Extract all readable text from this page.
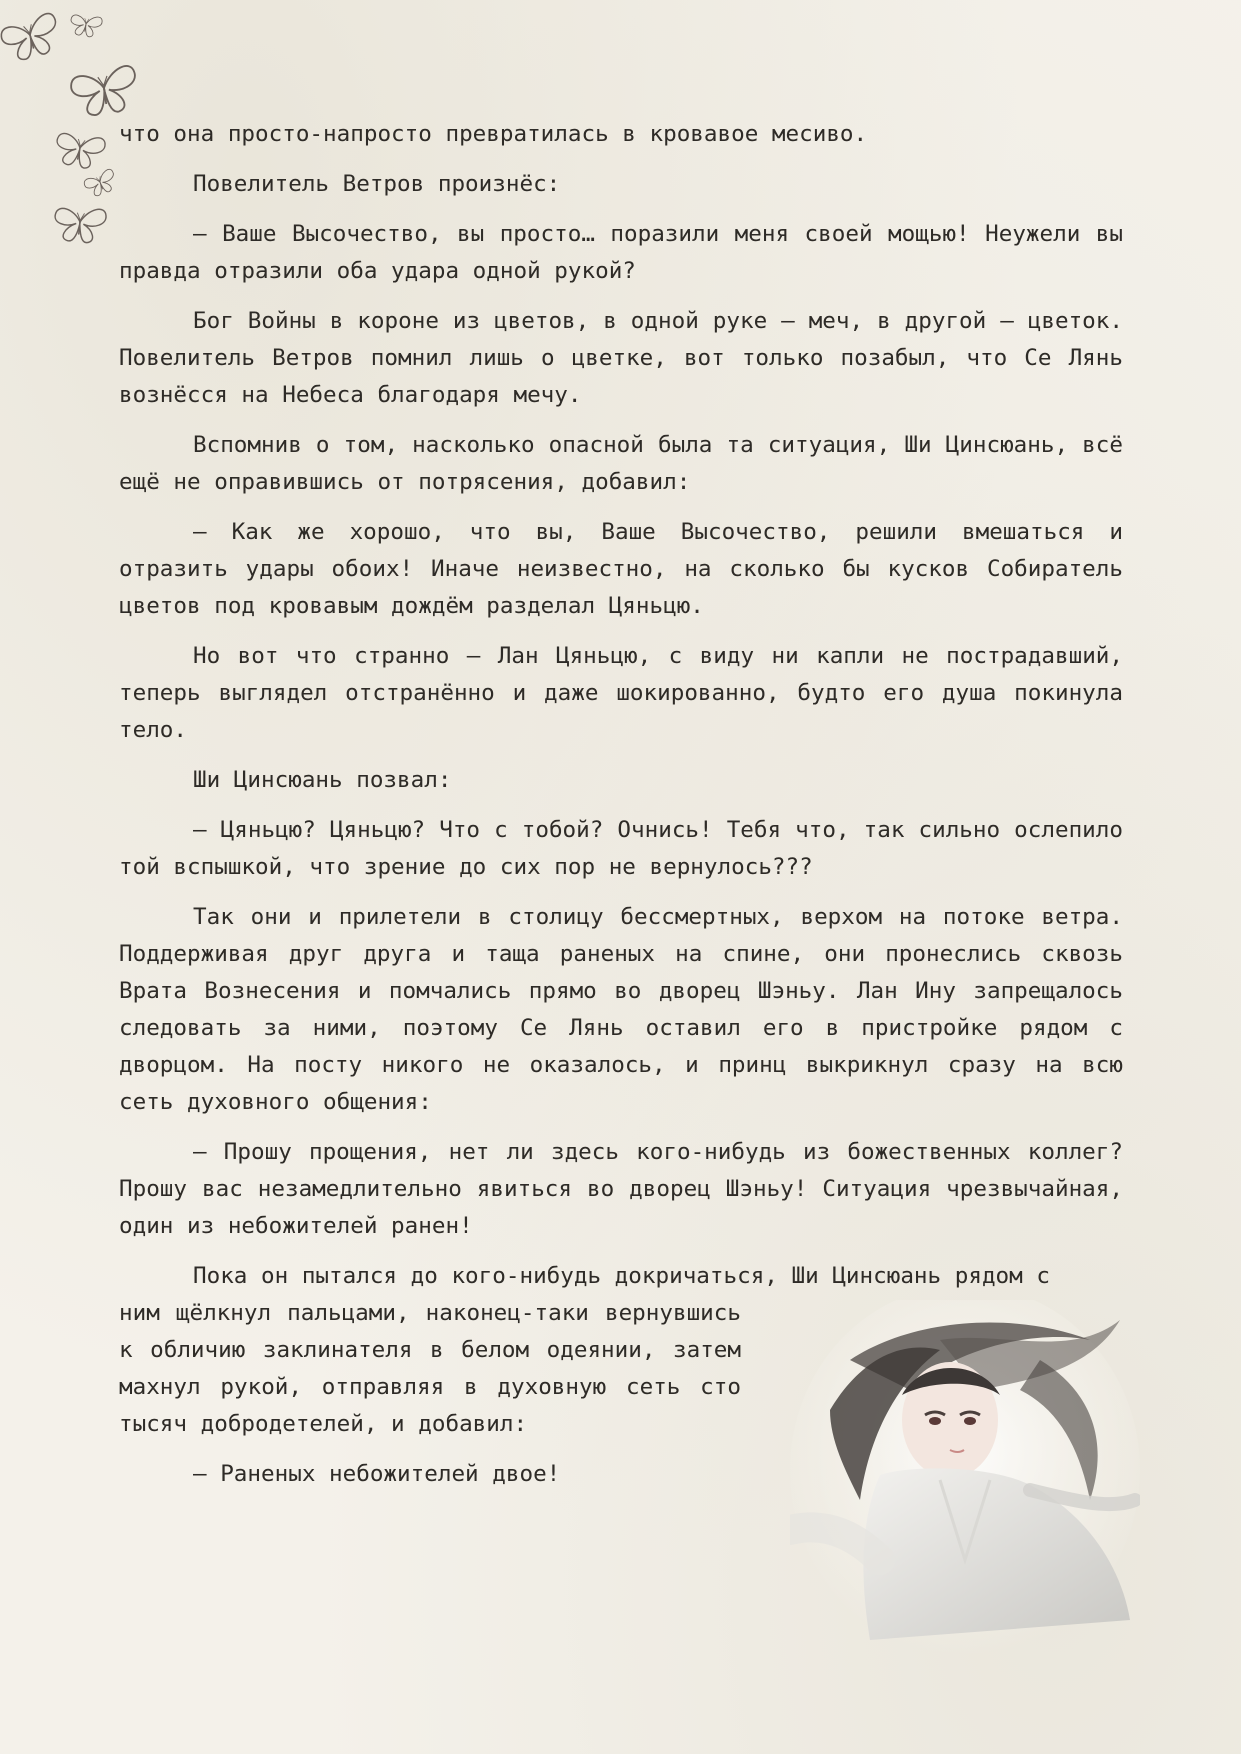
что она просто-напросто превратилась в кровавое месиво.

Повелитель Ветров произнёс:

— Ваше Высочество, вы просто… поразили меня своей мощью! Неужели вы правда отразили оба удара одной рукой?

Бог Войны в короне из цветов, в одной руке — меч, в другой — цветок. Повелитель Ветров помнил лишь о цветке, вот только позабыл, что Се Лянь вознёсся на Небеса благодаря мечу.

Вспомнив о том, насколько опасной была та ситуация, Ши Цинсюань, всё ещё не оправившись от потрясения, добавил:

— Как же хорошо, что вы, Ваше Высочество, решили вмешаться и отразить удары обоих! Иначе неизвестно, на сколько бы кусков Собиратель цветов под кровавым дождём разделал Цяньцю.

Но вот что странно — Лан Цяньцю, с виду ни капли не пострадавший, теперь выглядел отстранённо и даже шокированно, будто его душа покинула тело.

Ши Цинсюань позвал:

— Цяньцю? Цяньцю? Что с тобой? Очнись! Тебя что, так сильно ослепило той вспышкой, что зрение до сих пор не вернулось???

Так они и прилетели в столицу бессмертных, верхом на потоке ветра. Поддерживая друг друга и таща раненых на спине, они пронеслись сквозь Врата Вознесения и помчались прямо во дворец Шэньу. Лан Ину запрещалось следовать за ними, поэтому Се Лянь оставил его в пристройке рядом с дворцом. На посту никого не оказалось, и принц выкрикнул сразу на всю сеть духовного общения:

— Прошу прощения, нет ли здесь кого-нибудь из божественных коллег? Прошу вас незамедлительно явиться во дворец Шэньу! Ситуация чрезвычайная, один из небожителей ранен!

Пока он пытался до кого-нибудь докричаться, Ши Цинсюань рядом с

ним щёлкнул пальцами, наконец-таки вернувшись к обличию заклинателя в белом одеянии, затем махнул рукой, отправляя в духовную сеть сто тысяч добродетелей, и добавил:

— Раненых небожителей двое!
